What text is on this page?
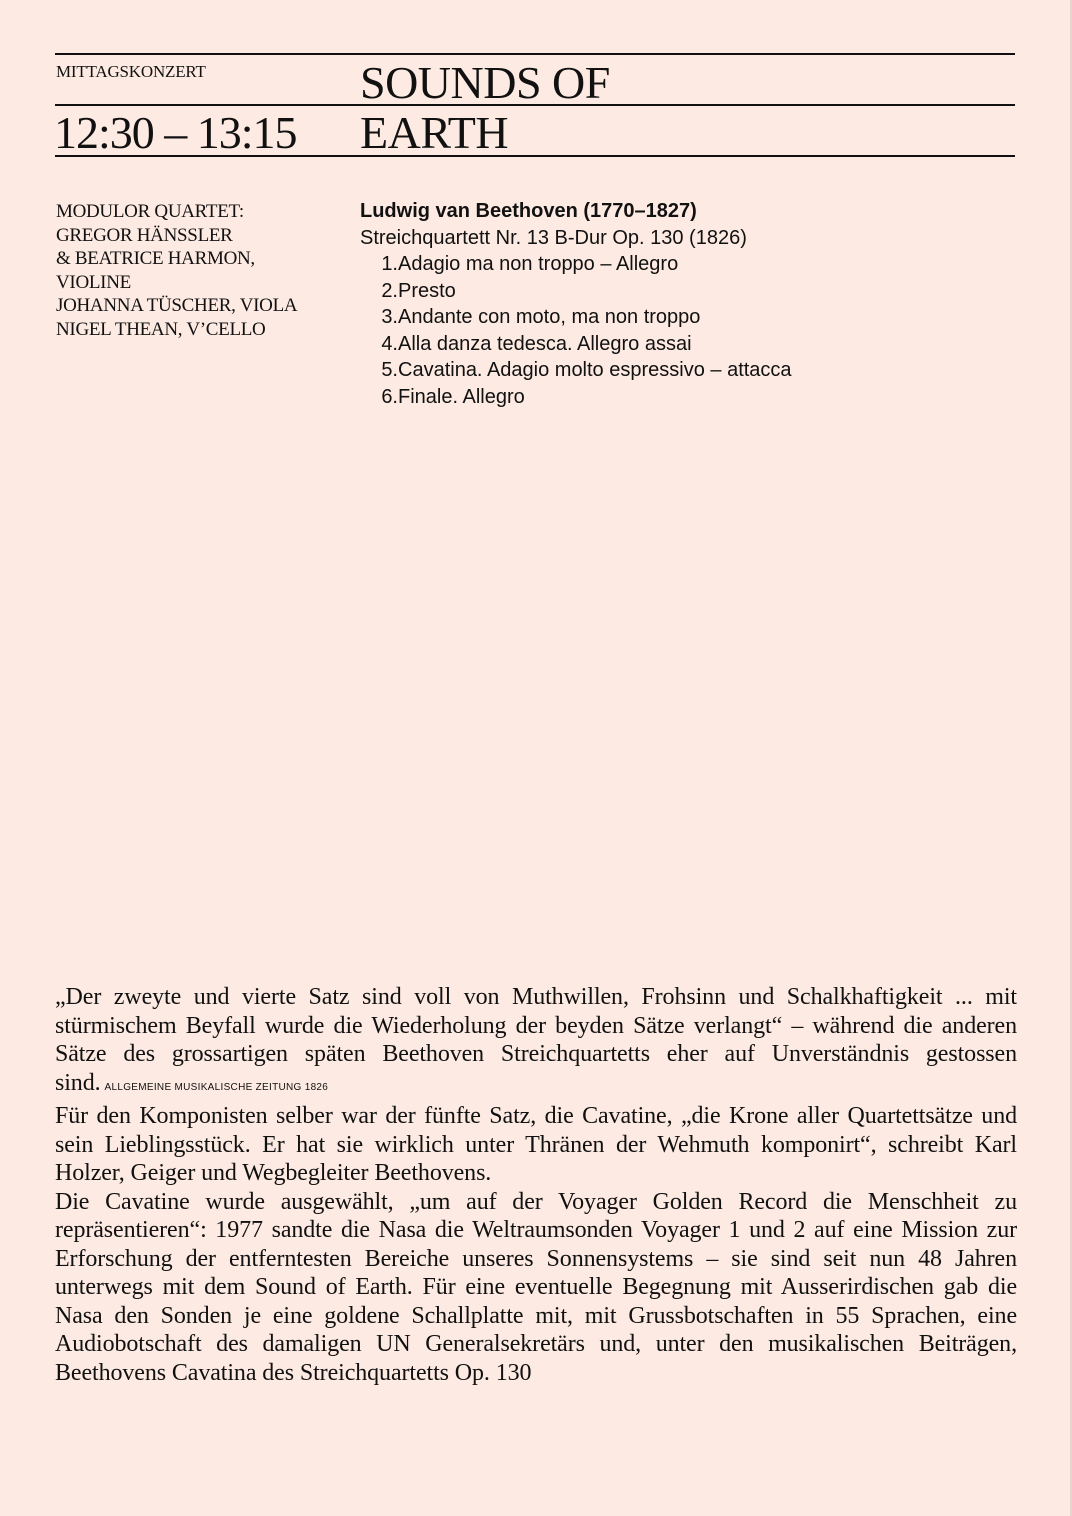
MITTAGSKONZERT	SOUNDS OF
12:30 – 13:15 EARTH
MODULOR QUARTET:
GREGOR HÄNSSLER
& BEATRICE HARMON,
VIOLINE
JOHANNA TÜSCHER, VIOLA
NIGEL THEAN, V’CELLO
Ludwig van Beethoven (1770–1827)
Streichquartett Nr. 13 B-Dur Op. 130 (1826)
1. Adagio ma non troppo – Allegro
2. Presto
3. Andante con moto, ma non troppo
4. Alla danza tedesca. Allegro assai
5. Cavatina. Adagio molto espressivo – attacca
6. Finale. Allegro

„Der zweyte und vierte Satz sind voll von Muthwillen, Frohsinn und Schalkhaftigkeit ... mit stürmischem Beyfall wurde die Wiederholung der beyden Sätze verlangt“ – während die anderen Sätze des grossartigen späten Beethoven Streichquartetts eher auf Unverständnis gestossen sind. ALLGEMEINE MUSIKALISCHE ZEITUNG 1826

Für den Komponisten selber war der fünfte Satz, die Cavatine, „die Krone aller Quartettsätze und sein Lieblingsstück. Er hat sie wirklich unter Thränen der Wehmuth komponirt“, schreibt Karl Holzer, Geiger und Wegbegleiter Beethovens.

Die Cavatine wurde ausgewählt, „um auf der Voyager Golden Record die Menschheit zu repräsentieren“: 1977 sandte die Nasa die Weltraumsonden Voyager 1 und 2 auf eine Mission zur Erforschung der entferntesten Bereiche unseres Sonnensystems – sie sind seit nun 48 Jahren unterwegs mit dem Sound of Earth. Für eine eventuelle Begegnung mit Ausserirdischen gab die Nasa den Sonden je eine goldene Schallplatte mit, mit Grussbotschaften in 55 Sprachen, eine Audiobotschaft des damaligen UN Generalsekretärs und, unter den musikalischen Beiträgen, Beethovens Cavatina des Streichquartetts Op. 130
